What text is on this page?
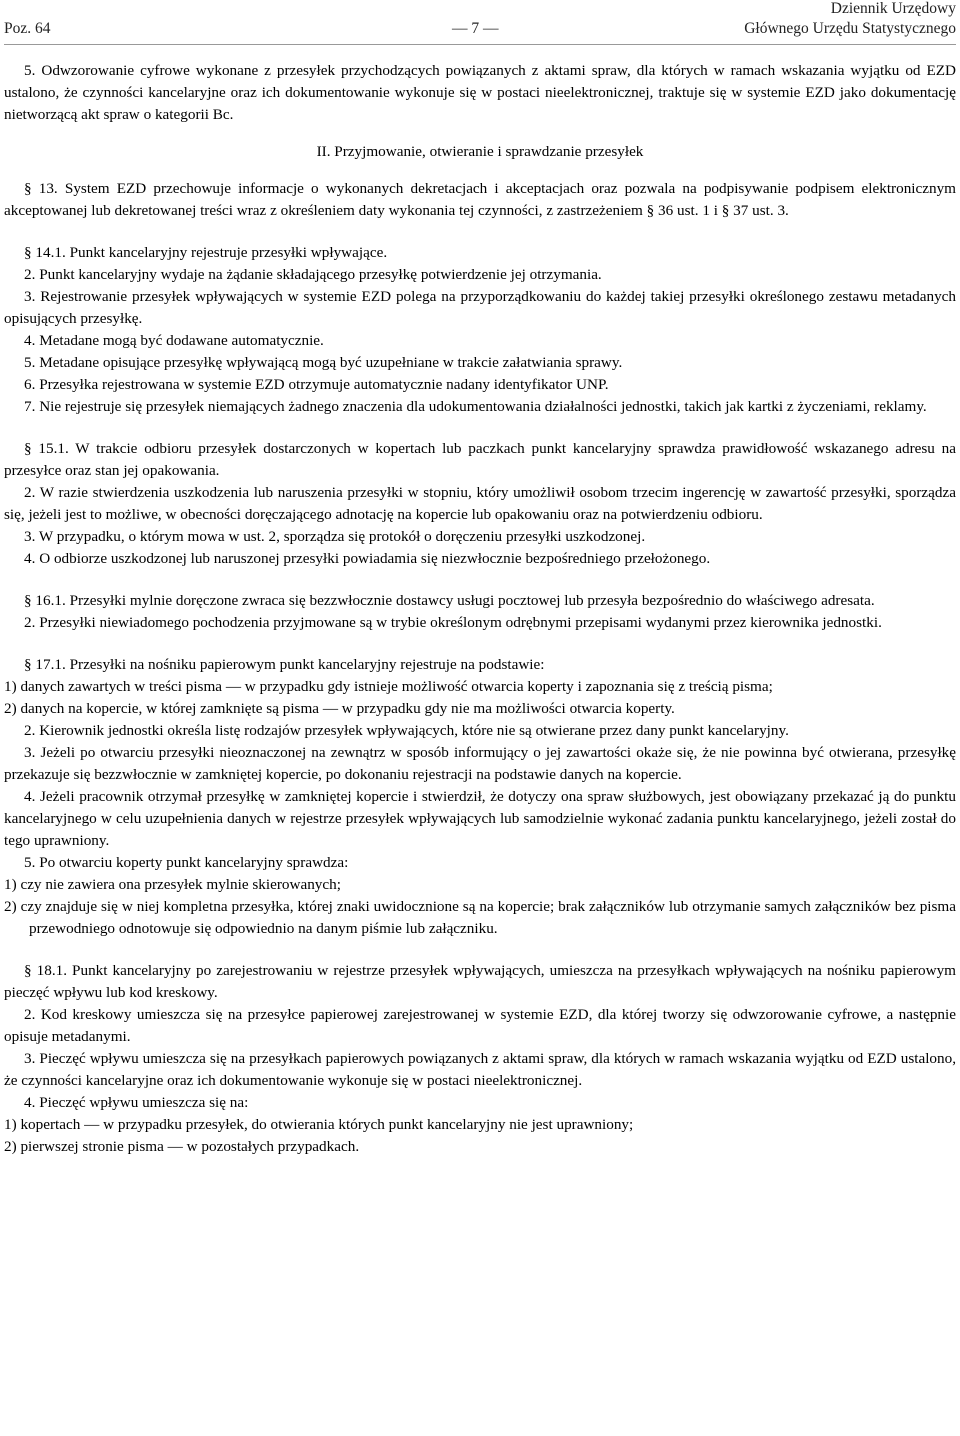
Poz. 64	— 7 —
Dziennik Urzędowy
Głównego Urzędu Statystycznego

5. Odwzorowanie cyfrowe wykonane z przesyłek przychodzących powiązanych z aktami spraw, dla których w ramach wskazania wyjątku od EZD ustalono, że czynności kancelaryjne oraz ich dokumentowanie wykonuje się w postaci nieelektronicznej, traktuje się w systemie EZD jako dokumentację nietworzącą akt spraw o kategorii Bc.

II. Przyjmowanie, otwieranie i sprawdzanie przesyłek

§ 13. System EZD przechowuje informacje o wykonanych dekretacjach i akceptacjach oraz pozwala na podpisywanie podpisem elektronicznym akceptowanej lub dekretowanej treści wraz z określeniem daty wykonania tej czynności, z zastrzeżeniem § 36 ust. 1 i § 37 ust. 3.

§ 14.1. Punkt kancelaryjny rejestruje przesyłki wpływające.

2. Punkt kancelaryjny wydaje na żądanie składającego przesyłkę potwierdzenie jej otrzymania.

3. Rejestrowanie przesyłek wpływających w systemie EZD polega na przyporządkowaniu do każdej takiej przesyłki określonego zestawu metadanych opisujących przesyłkę.

4. Metadane mogą być dodawane automatycznie.

5. Metadane opisujące przesyłkę wpływającą mogą być uzupełniane w trakcie załatwiania sprawy.

6. Przesyłka rejestrowana w systemie EZD otrzymuje automatycznie nadany identyfikator UNP.

7. Nie rejestruje się przesyłek niemających żadnego znaczenia dla udokumentowania działalności jednostki, takich jak kartki z życzeniami, reklamy.

§ 15.1. W trakcie odbioru przesyłek dostarczonych w kopertach lub paczkach punkt kancelaryjny sprawdza prawidłowość wskazanego adresu na przesyłce oraz stan jej opakowania.

2. W razie stwierdzenia uszkodzenia lub naruszenia przesyłki w stopniu, który umożliwił osobom trzecim ingerencję w zawartość przesyłki, sporządza się, jeżeli jest to możliwe, w obecności doręczającego adnotację na kopercie lub opakowaniu oraz na potwierdzeniu odbioru.

3. W przypadku, o którym mowa w ust. 2, sporządza się protokół o doręczeniu przesyłki uszkodzonej.

4. O odbiorze uszkodzonej lub naruszonej przesyłki powiadamia się niezwłocznie bezpośredniego przełożonego.

§ 16.1. Przesyłki mylnie doręczone zwraca się bezzwłocznie dostawcy usługi pocztowej lub przesyła bezpośrednio do właściwego adresata.

2. Przesyłki niewiadomego pochodzenia przyjmowane są w trybie określonym odrębnymi przepisami wydanymi przez kierownika jednostki.

§ 17.1. Przesyłki na nośniku papierowym punkt kancelaryjny rejestruje na podstawie:

1) danych zawartych w treści pisma — w przypadku gdy istnieje możliwość otwarcia koperty i zapoznania się z treścią pisma;

2) danych na kopercie, w której zamknięte są pisma — w przypadku gdy nie ma możliwości otwarcia koperty.

2. Kierownik jednostki określa listę rodzajów przesyłek wpływających, które nie są otwierane przez dany punkt kancelaryjny.

3. Jeżeli po otwarciu przesyłki nieoznaczonej na zewnątrz w sposób informujący o jej zawartości okaże się, że nie powinna być otwierana, przesyłkę przekazuje się bezzwłocznie w zamkniętej kopercie, po dokonaniu rejestracji na podstawie danych na kopercie.

4. Jeżeli pracownik otrzymał przesyłkę w zamkniętej kopercie i stwierdził, że dotyczy ona spraw służbowych, jest obowiązany przekazać ją do punktu kancelaryjnego w celu uzupełnienia danych w rejestrze przesyłek wpływających lub samodzielnie wykonać zadania punktu kancelaryjnego, jeżeli został do tego uprawniony.

5. Po otwarciu koperty punkt kancelaryjny sprawdza:

1) czy nie zawiera ona przesyłek mylnie skierowanych;

2) czy znajduje się w niej kompletna przesyłka, której znaki uwidocznione są na kopercie; brak załączników lub otrzymanie samych załączników bez pisma przewodniego odnotowuje się odpowiednio na danym piśmie lub załączniku.

§ 18.1. Punkt kancelaryjny po zarejestrowaniu w rejestrze przesyłek wpływających, umieszcza na przesyłkach wpływających na nośniku papierowym pieczęć wpływu lub kod kreskowy.

2. Kod kreskowy umieszcza się na przesyłce papierowej zarejestrowanej w systemie EZD, dla której tworzy się odwzorowanie cyfrowe, a następnie opisuje metadanymi.

3. Pieczęć wpływu umieszcza się na przesyłkach papierowych powiązanych z aktami spraw, dla których w ramach wskazania wyjątku od EZD ustalono, że czynności kancelaryjne oraz ich dokumentowanie wykonuje się w postaci nieelektronicznej.

4. Pieczęć wpływu umieszcza się na:

1) kopertach — w przypadku przesyłek, do otwierania których punkt kancelaryjny nie jest uprawniony;

2) pierwszej stronie pisma — w pozostałych przypadkach.
